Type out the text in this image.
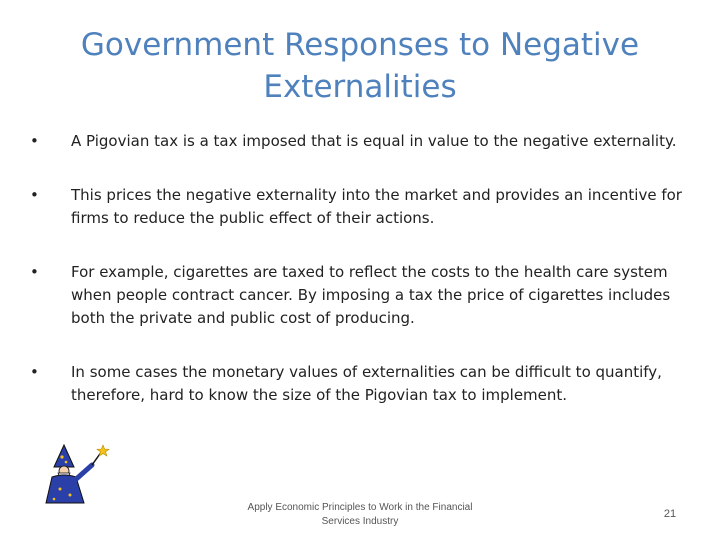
Government Responses to Negative Externalities
•	A Pigovian tax is a tax imposed that is equal in value to the negative externality.
•	This prices the negative externality into the market and provides an incentive for firms to reduce the public effect of their actions.
•	For example, cigarettes are taxed to reflect the costs to the health care system when people contract cancer. By imposing a tax the price of cigarettes includes both the private and public cost of producing.
•	In some cases the monetary values of externalities can be difficult to quantify, therefore, hard to know the size of the Pigovian tax to implement.
Apply Economic Principles to Work in the Financial Services Industry
21
